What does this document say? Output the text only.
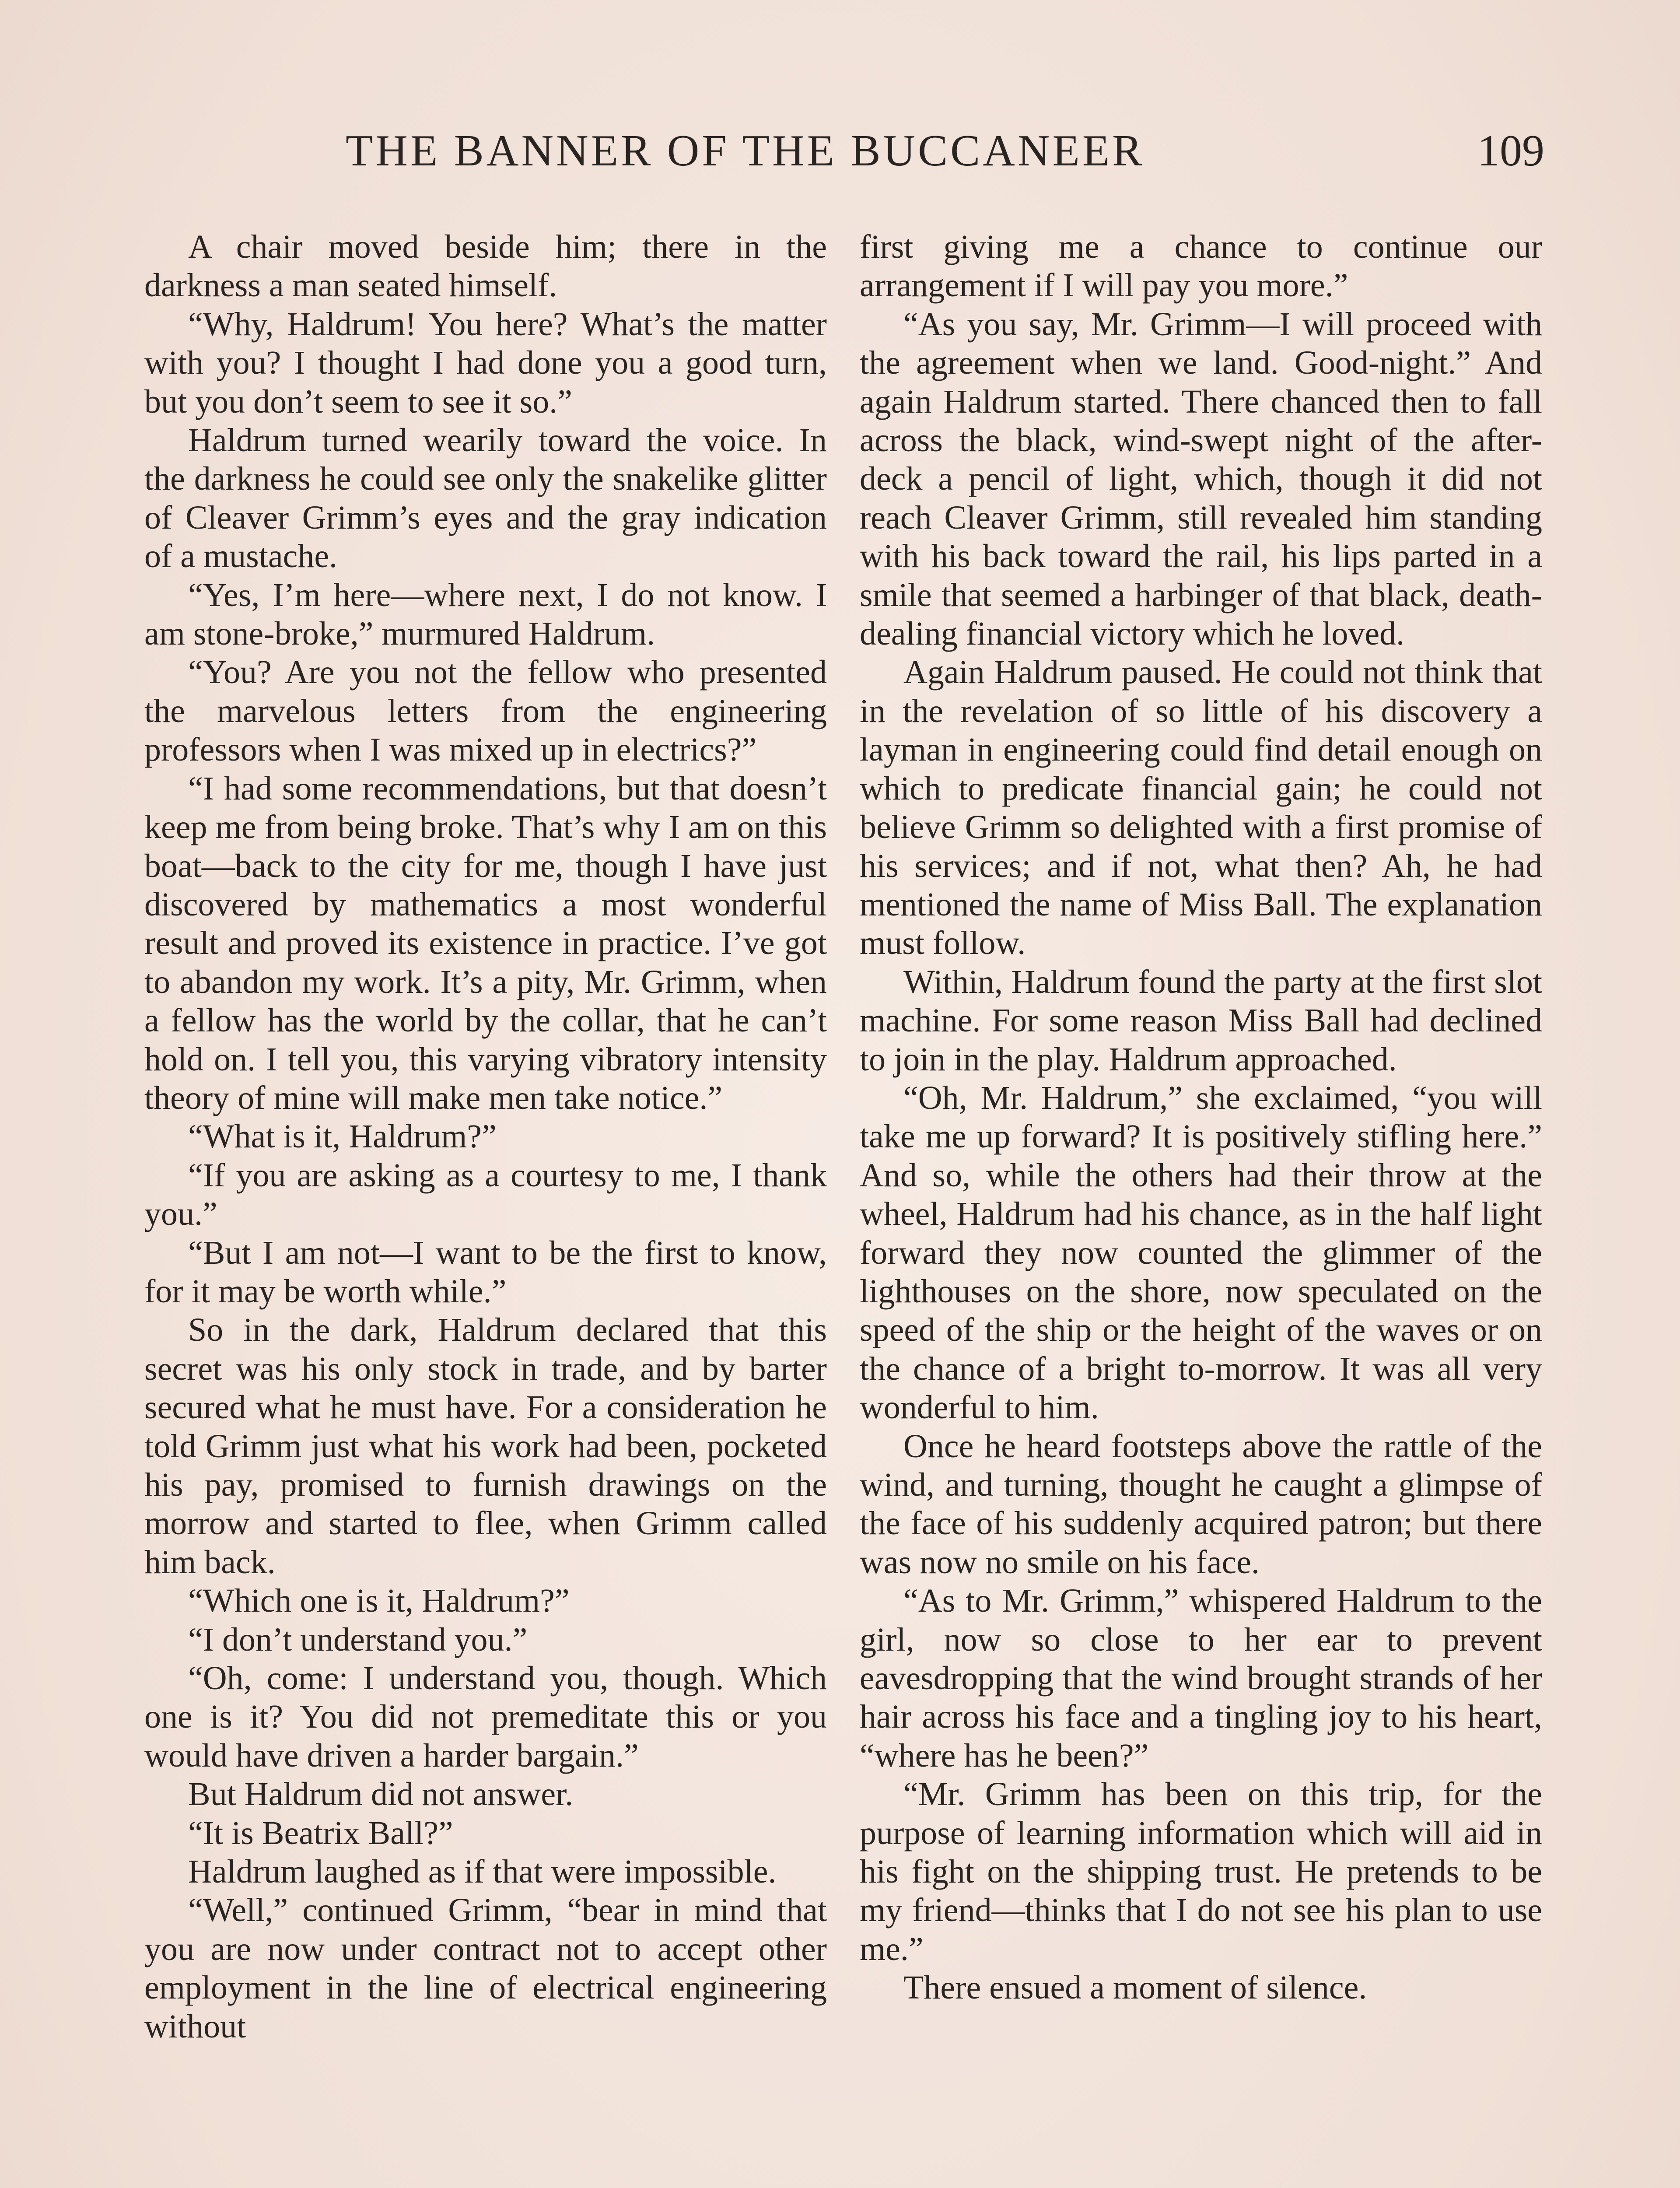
THE BANNER OF THE BUCCANEER	109

A chair moved beside him; there in the darkness a man seated himself.

“Why, Haldrum! You here? What’s the matter with you? I thought I had done you a good turn, but you don’t seem to see it so.”

Haldrum turned wearily toward the voice. In the darkness he could see only the snakelike glitter of Cleaver Grimm’s eyes and the gray indication of a mustache.

“Yes, I’m here—where next, I do not know. I am stone-broke,” murmured Haldrum.

“You? Are you not the fellow who presented the marvelous letters from the engineering professors when I was mixed up in electrics?”

“I had some recommendations, but that doesn’t keep me from being broke. That’s why I am on this boat—back to the city for me, though I have just discovered by mathematics a most wonderful result and proved its existence in practice. I’ve got to abandon my work. It’s a pity, Mr. Grimm, when a fellow has the world by the collar, that he can’t hold on. I tell you, this varying vibratory intensity theory of mine will make men take notice.”

“What is it, Haldrum?”

“If you are asking as a courtesy to me, I thank you.”

“But I am not—I want to be the first to know, for it may be worth while.”

So in the dark, Haldrum declared that this secret was his only stock in trade, and by barter secured what he must have. For a consideration he told Grimm just what his work had been, pocketed his pay, promised to furnish drawings on the morrow and started to flee, when Grimm called him back.

“Which one is it, Haldrum?”

“I don’t understand you.”

“Oh, come: I understand you, though. Which one is it? You did not premeditate this or you would have driven a harder bargain.”

But Haldrum did not answer.

“It is Beatrix Ball?”

Haldrum laughed as if that were impossible.

“Well,” continued Grimm, “bear in mind that you are now under contract not to accept other employment in the line of electrical engineering without

first giving me a chance to continue our arrangement if I will pay you more.”

“As you say, Mr. Grimm—I will proceed with the agreement when we land. Good-night.” And again Haldrum started. There chanced then to fall across the black, wind-swept night of the after-deck a pencil of light, which, though it did not reach Cleaver Grimm, still revealed him standing with his back toward the rail, his lips parted in a smile that seemed a harbinger of that black, death-dealing financial victory which he loved.

Again Haldrum paused. He could not think that in the revelation of so little of his discovery a layman in engineering could find detail enough on which to predicate financial gain; he could not believe Grimm so delighted with a first promise of his services; and if not, what then? Ah, he had mentioned the name of Miss Ball. The explanation must follow.

Within, Haldrum found the party at the first slot machine. For some reason Miss Ball had declined to join in the play. Haldrum approached.

“Oh, Mr. Haldrum,” she exclaimed, “you will take me up forward? It is positively stifling here.” And so, while the others had their throw at the wheel, Haldrum had his chance, as in the half light forward they now counted the glimmer of the lighthouses on the shore, now speculated on the speed of the ship or the height of the waves or on the chance of a bright to-morrow. It was all very wonderful to him.

Once he heard footsteps above the rattle of the wind, and turning, thought he caught a glimpse of the face of his suddenly acquired patron; but there was now no smile on his face.

“As to Mr. Grimm,” whispered Haldrum to the girl, now so close to her ear to prevent eavesdropping that the wind brought strands of her hair across his face and a tingling joy to his heart, “where has he been?”

“Mr. Grimm has been on this trip, for the purpose of learning information which will aid in his fight on the shipping trust. He pretends to be my friend—thinks that I do not see his plan to use me.”

There ensued a moment of silence.
